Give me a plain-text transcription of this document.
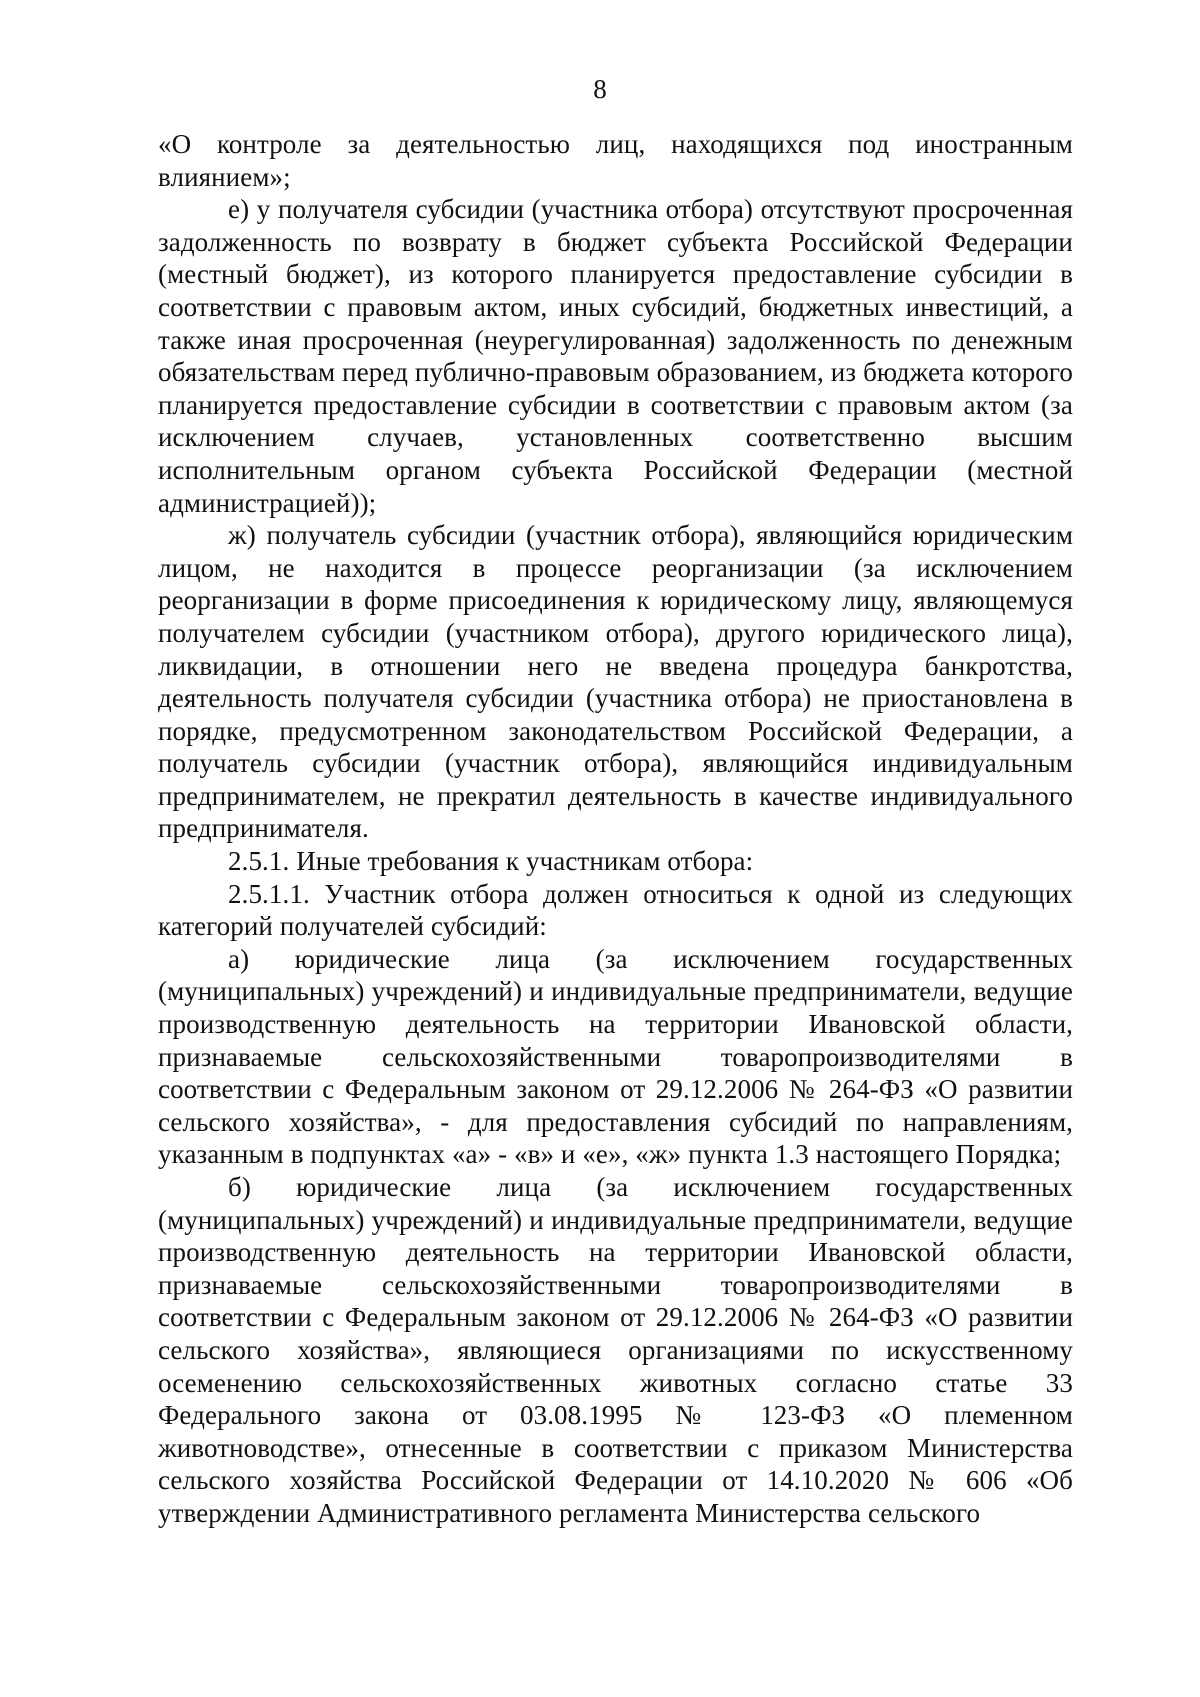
8

«О контроле за деятельностью лиц, находящихся под иностранным влиянием»;

е) у получателя субсидии (участника отбора) отсутствуют просроченная задолженность по возврату в бюджет субъекта Российской Федерации (местный бюджет), из которого планируется предоставление субсидии в соответствии с правовым актом, иных субсидий, бюджетных инвестиций, а также иная просроченная (неурегулированная) задолженность по денежным обязательствам перед публично-правовым образованием, из бюджета которого планируется предоставление субсидии в соответствии с правовым актом (за исключением случаев, установленных соответственно высшим исполнительным органом субъекта Российской Федерации (местной администрацией));

ж) получатель субсидии (участник отбора), являющийся юридическим лицом, не находится в процессе реорганизации (за исключением реорганизации в форме присоединения к юридическому лицу, являющемуся получателем субсидии (участником отбора), другого юридического лица), ликвидации, в отношении него не введена процедура банкротства, деятельность получателя субсидии (участника отбора) не приостановлена в порядке, предусмотренном законодательством Российской Федерации, а получатель субсидии (участник отбора), являющийся индивидуальным предпринимателем, не прекратил деятельность в качестве индивидуального предпринимателя.

2.5.1. Иные требования к участникам отбора:

2.5.1.1. Участник отбора должен относиться к одной из следующих категорий получателей субсидий:

а) юридические лица (за исключением государственных (муниципальных) учреждений) и индивидуальные предприниматели, ведущие производственную деятельность на территории Ивановской области, признаваемые сельскохозяйственными товаропроизводителями в соответствии с Федеральным законом от 29.12.2006 № 264-ФЗ «О развитии сельского хозяйства», - для предоставления субсидий по направлениям, указанным в подпунктах «а» - «в» и «е», «ж» пункта 1.3 настоящего Порядка;

б) юридические лица (за исключением государственных (муниципальных) учреждений) и индивидуальные предприниматели, ведущие производственную деятельность на территории Ивановской области, признаваемые сельскохозяйственными товаропроизводителями в соответствии с Федеральным законом от 29.12.2006 № 264-ФЗ «О развитии сельского хозяйства», являющиеся организациями по искусственному осеменению сельскохозяйственных животных согласно статье 33 Федерального закона от 03.08.1995 № 123-ФЗ «О племенном животноводстве», отнесенные в соответствии с приказом Министерства сельского хозяйства Российской Федерации от 14.10.2020 № 606 «Об утверждении Административного регламента Министерства сельского
